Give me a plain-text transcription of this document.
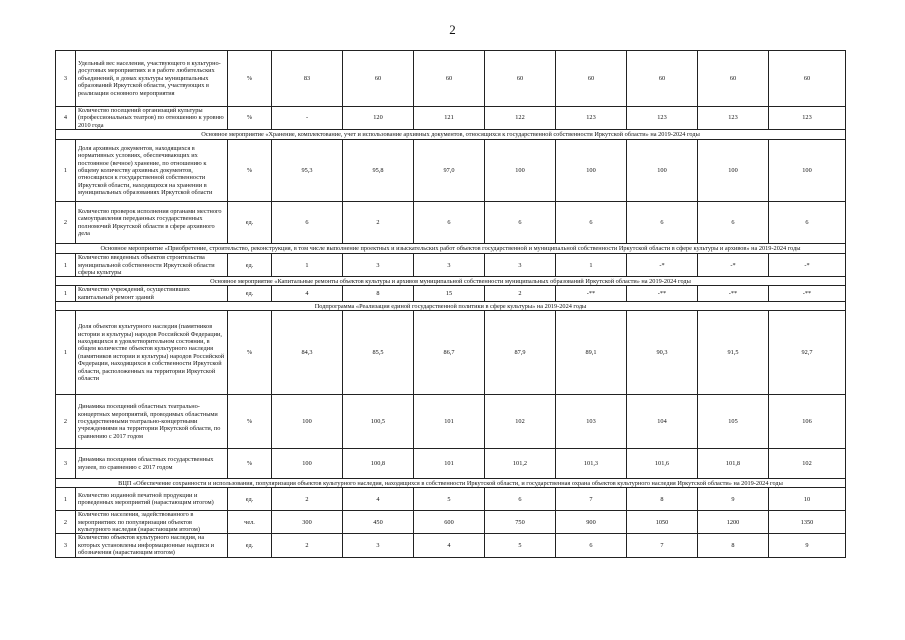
2
3	Удельный вес населения, участвующего в культурно-досуговых мероприятиях и в работе любительских объединений, в домах культуры муниципальных образований Иркутской области, участвующих в реализации основного мероприятия	%	83	60	60	60	60	60	60	60
4	Количество посещений организаций культуры (профессиональных театров) по отношению к уровню 2010 года	%	-	120	121	122	123	123	123	123
Основное мероприятие «Хранение, комплектование, учет и использование архивных документов, относящихся к государственной собственности Иркутской области» на 2019-2024 годы										
1	Доля архивных документов, находящихся в нормативных условиях, обеспечивающих их постоянное (вечное) хранение, по отношению к общему количеству архивных документов, относящихся к государственной собственности Иркутской области, находящихся на хранении в муниципальных образованиях Иркутской области	%	95,3	95,8	97,0	100	100	100	100	100
2	Количество проверок исполнения органами местного самоуправления переданных государственных полномочий Иркутской области в сфере архивного дела	ед.	6	2	6	6	6	6	6	6
Основное мероприятие «Приобретение, строительство, реконструкция, в том числе выполнение проектных и изыскательских работ объектов государственной и муниципальной собственности Иркутской области в сфере культуры и архивов» на 2019-2024 годы										
1	Количество введенных объектов строительства муниципальной собственности Иркутской области сферы культуры	ед.	1	3	3	3	1	-*	-*	-*
Основное мероприятие «Капитальные ремонты объектов культуры и архивов муниципальной собственности муниципальных образований Иркутской области» на 2019-2024 годы										
1	Количество учреждений, осуществивших капитальный ремонт зданий	ед.	4	8	15	2	-**	-**	-**	-**
Подпрограмма «Реализация единой государственной политики в сфере культуры» на 2019-2024 годы										
1	Доля объектов культурного наследия (памятников истории и культуры) народов Российской Федерации, находящихся в удовлетворительном состоянии, в общем количестве объектов культурного наследия (памятников истории и культуры) народов Российской Федерации, находящихся в собственности Иркутской области, расположенных на территории Иркутской области	%	84,3	85,5	86,7	87,9	89,1	90,3	91,5	92,7
2	Динамика посещений областных театрально-концертных мероприятий, проводимых областными государственными театрально-концертными учреждениями на территории Иркутской области, по сравнению с 2017 годом	%	100	100,5	101	102	103	104	105	106
3	Динамика посещения областных государственных музеев, по сравнению с 2017 годом	%	100	100,8	101	101,2	101,3	101,6	101,8	102
ВЦП «Обеспечение сохранности и использования, популяризация объектов культурного наследия, находящихся в собственности Иркутской области, и государственная охрана объектов культурного наследия Иркутской области» на 2019-2024 годы										
1	Количество изданной печатной продукции и проведенных мероприятий (нарастающим итогом)	ед.	2	4	5	6	7	8	9	10
2	Количество населения, задействованного в мероприятиях по популяризации объектов культурного наследия (нарастающим итогом)	чел.	300	450	600	750	900	1050	1200	1350
3	Количество объектов культурного наследия, на которых установлены информационные надписи и обозначения (нарастающим итогом)	ед.	2	3	4	5	6	7	8	9
